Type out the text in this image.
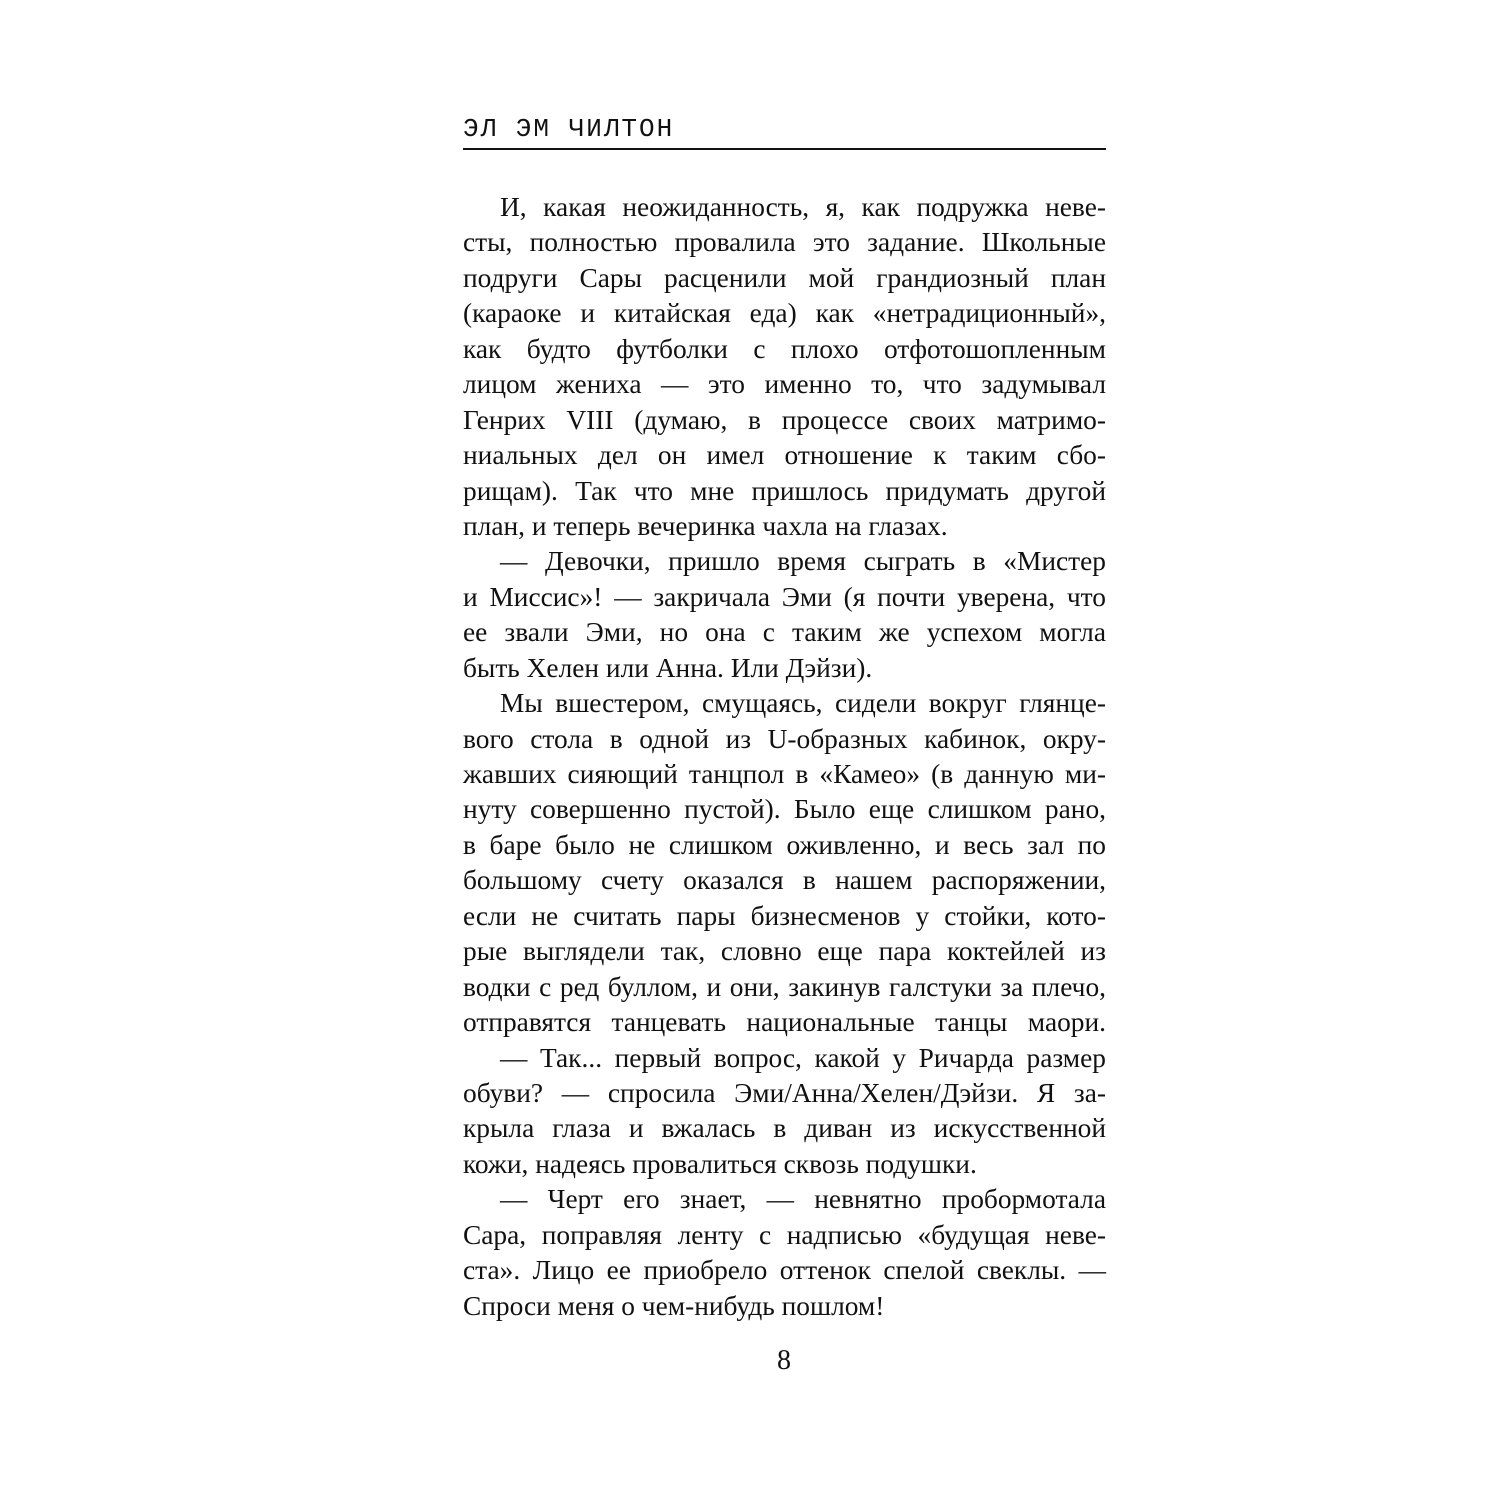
ЭЛ ЭМ ЧИЛТОН
И, какая неожиданность, я, как подружка неве-
сты, полностью провалила это задание. Школьные
подруги Сары расценили мой грандиозный план
(караоке и китайская еда) как «нетрадиционный»,
как будто футболки с плохо отфотошопленным
лицом жениха — это именно то, что задумывал
Генрих VIII (думаю, в процессе своих матримо-
ниальных дел он имел отношение к таким сбо-
рищам). Так что мне пришлось придумать другой
план, и теперь вечеринка чахла на глазах.
— Девочки, пришло время сыграть в «Мистер
и Миссис»! — закричала Эми (я почти уверена, что
ее звали Эми, но она с таким же успехом могла
быть Хелен или Анна. Или Дэйзи).
Мы вшестером, смущаясь, сидели вокруг глянце-
вого стола в одной из U-образных кабинок, окру-
жавших сияющий танцпол в «Камео» (в данную ми-
нуту совершенно пустой). Было еще слишком рано,
в баре было не слишком оживленно, и весь зал по
большому счету оказался в нашем распоряжении,
если не считать пары бизнесменов у стойки, кото-
рые выглядели так, словно еще пара коктейлей из
водки с ред буллом, и они, закинув галстуки за плечо,
отправятся танцевать национальные танцы маори.
— Так... первый вопрос, какой у Ричарда размер
обуви? — спросила Эми/Анна/Хелен/Дэйзи. Я за-
крыла глаза и вжалась в диван из искусственной
кожи, надеясь провалиться сквозь подушки.
— Черт его знает, — невнятно пробормотала
Сара, поправляя ленту с надписью «будущая неве-
ста». Лицо ее приобрело оттенок спелой свеклы. —
Спроси меня о чем-нибудь пошлом!
8
